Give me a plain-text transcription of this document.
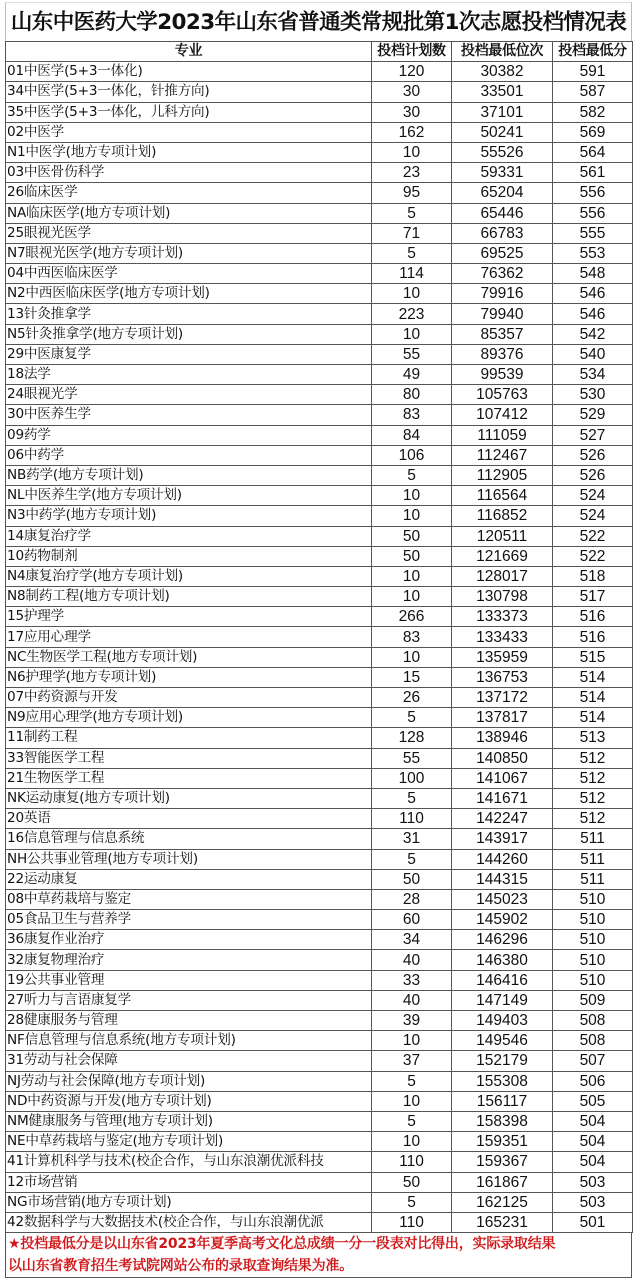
山东中医药大学2023年山东省普通类常规批第1次志愿投档情况表
专业	投档计划数	投档最低位次	投档最低分
01中医学(5+3一体化)	120	30382	591
34中医学(5+3一体化，针推方向)	30	33501	587
35中医学(5+3一体化，儿科方向)	30	37101	582
02中医学	162	50241	569
N1中医学(地方专项计划)	10	55526	564
03中医骨伤科学	23	59331	561
26临床医学	95	65204	556
NA临床医学(地方专项计划)	5	65446	556
25眼视光医学	71	66783	555
N7眼视光医学(地方专项计划)	5	69525	553
04中西医临床医学	114	76362	548
N2中西医临床医学(地方专项计划)	10	79916	546
13针灸推拿学	223	79940	546
N5针灸推拿学(地方专项计划)	10	85357	542
29中医康复学	55	89376	540
18法学	49	99539	534
24眼视光学	80	105763	530
30中医养生学	83	107412	529
09药学	84	111059	527
06中药学	106	112467	526
NB药学(地方专项计划)	5	112905	526
NL中医养生学(地方专项计划)	10	116564	524
N3中药学(地方专项计划)	10	116852	524
14康复治疗学	50	120511	522
10药物制剂	50	121669	522
N4康复治疗学(地方专项计划)	10	128017	518
N8制药工程(地方专项计划)	10	130798	517
15护理学	266	133373	516
17应用心理学	83	133433	516
NC生物医学工程(地方专项计划)	10	135959	515
N6护理学(地方专项计划)	15	136753	514
07中药资源与开发	26	137172	514
N9应用心理学(地方专项计划)	5	137817	514
11制药工程	128	138946	513
33智能医学工程	55	140850	512
21生物医学工程	100	141067	512
NK运动康复(地方专项计划)	5	141671	512
20英语	110	142247	512
16信息管理与信息系统	31	143917	511
NH公共事业管理(地方专项计划)	5	144260	511
22运动康复	50	144315	511
08中草药栽培与鉴定	28	145023	510
05食品卫生与营养学	60	145902	510
36康复作业治疗	34	146296	510
32康复物理治疗	40	146380	510
19公共事业管理	33	146416	510
27听力与言语康复学	40	147149	509
28健康服务与管理	39	149403	508
NF信息管理与信息系统(地方专项计划)	10	149546	508
31劳动与社会保障	37	152179	507
NJ劳动与社会保障(地方专项计划)	5	155308	506
ND中药资源与开发(地方专项计划)	10	156117	505
NM健康服务与管理(地方专项计划)	5	158398	504
NE中草药栽培与鉴定(地方专项计划)	10	159351	504
41计算机科学与技术(校企合作，与山东浪潮优派科技	110	159367	504
12市场营销	50	161867	503
NG市场营销(地方专项计划)	5	162125	503
42数据科学与大数据技术(校企合作，与山东浪潮优派	110	165231	501
★投档最低分是以山东省2023年夏季高考文化总成绩一分一段表对比得出，实际录取结果
以山东省教育招生考试院网站公布的录取查询结果为准。
